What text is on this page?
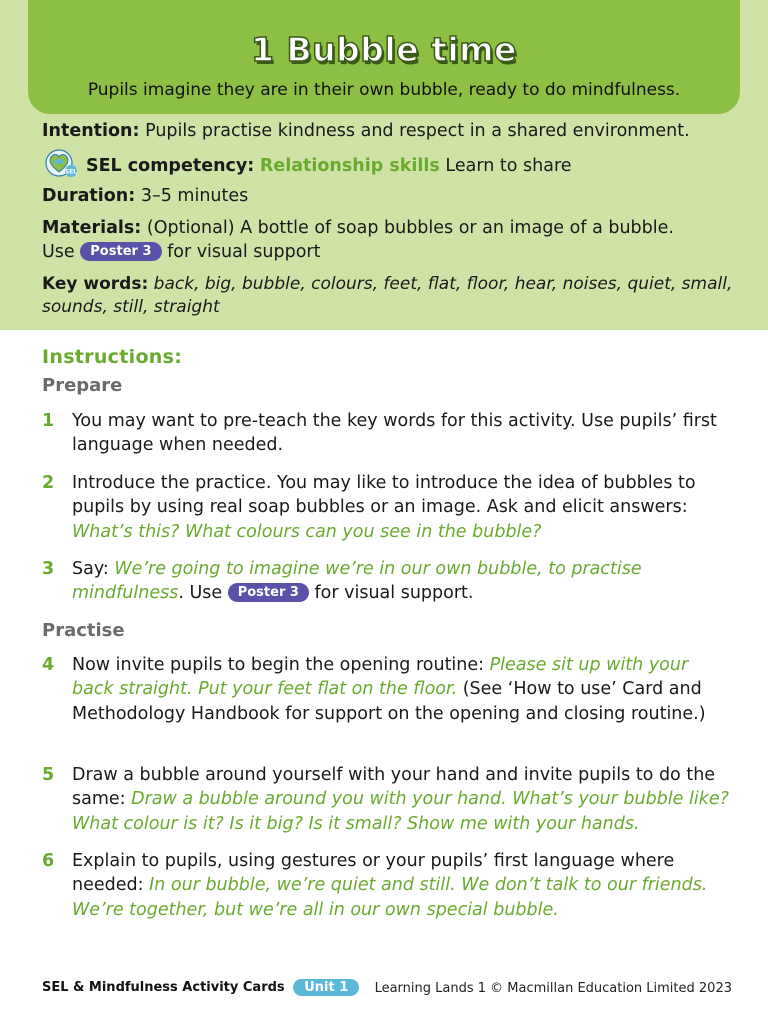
1 Bubble time
Pupils imagine they are in their own bubble, ready to do mindfulness.
Intention: Pupils practise kindness and respect in a shared environment.
SEL SEL competency: Relationship skills Learn to share
Duration: 3–5 minutes
Materials: (Optional) A bottle of soap bubbles or an image of a bubble.
Use Poster 3 for visual support
Key words: back, big, bubble, colours, feet, flat, floor, hear, noises, quiet, small, sounds, still, straight
Instructions:
Prepare
1 You may want to pre-teach the key words for this activity. Use pupils’ first language when needed.
2 Introduce the practice. You may like to introduce the idea of bubbles to pupils by using real soap bubbles or an image. Ask and elicit answers: What’s this? What colours can you see in the bubble?
3 Say: We’re going to imagine we’re in our own bubble, to practise mindfulness. Use Poster 3 for visual support.
Practise
4 Now invite pupils to begin the opening routine: Please sit up with your back straight. Put your feet flat on the floor. (See ‘How to use’ Card and Methodology Handbook for support on the opening and closing routine.)
5 Draw a bubble around yourself with your hand and invite pupils to do the same: Draw a bubble around you with your hand. What’s your bubble like? What colour is it? Is it big? Is it small? Show me with your hands.
6 Explain to pupils, using gestures or your pupils’ first language where needed: In our bubble, we’re quiet and still. We don’t talk to our friends. We’re together, but we’re all in our own special bubble.
SEL & Mindfulness Activity Cards Unit 1	Learning Lands 1 © Macmillan Education Limited 2023
